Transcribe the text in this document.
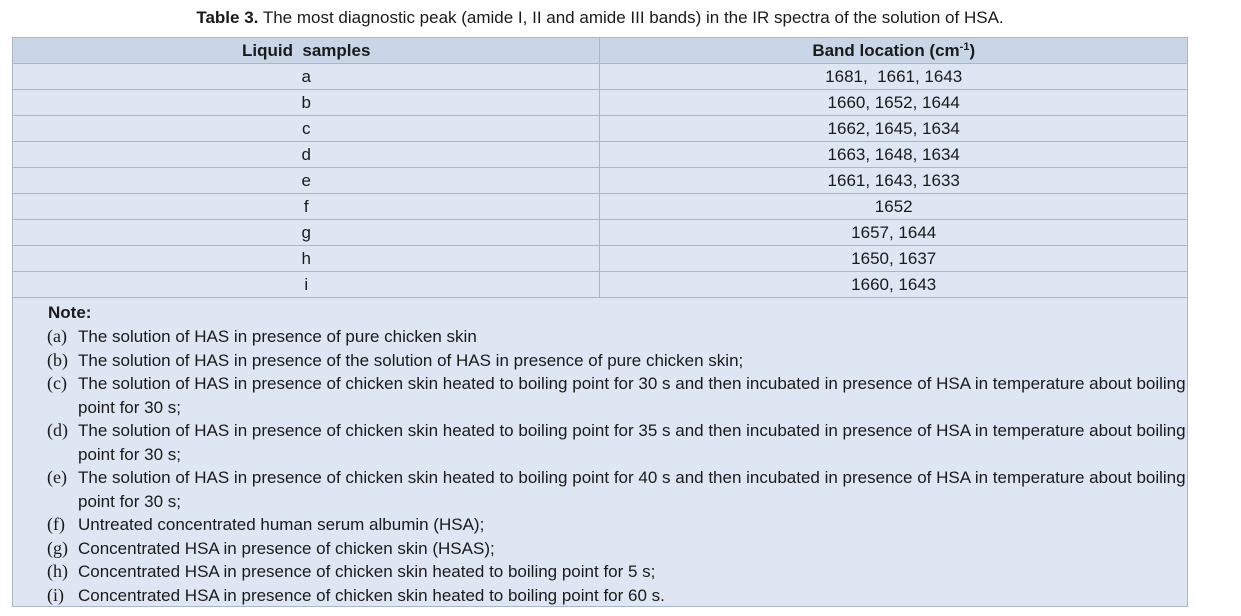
Table 3. The most diagnostic peak (amide I, II and amide III bands) in the IR spectra of the solution of HSA.
Liquid  samples	Band location $(cm^{-1})$
a	1681,  1661, 1643
b	1660, 1652, 1644
c	1662, 1645, 1634
d	1663, 1648, 1634
e	1661, 1643, 1633
f	1652
g	1657, 1644
h	1650, 1637
i	1660, 1643
Note:
(a) The solution of HAS in presence of pure chicken skin
(b) The solution of HAS in presence of the solution of HAS in presence of pure chicken skin;
(c) The solution of HAS in presence of chicken skin heated to boiling point for 30 s and then incubated in presence of HSA in temperature about boiling point for 30 s;
(d) The solution of HAS in presence of chicken skin heated to boiling point for 35 s and then incubated in presence of HSA in temperature about boiling point for 30 s;
(e) The solution of HAS in presence of chicken skin heated to boiling point for 40 s and then incubated in presence of HSA in temperature about boiling point for 30 s;
(f) Untreated concentrated human serum albumin (HSA);
(g) Concentrated HSA in presence of chicken skin (HSAS);
(h) Concentrated HSA in presence of chicken skin heated to boiling point for 5 s;
(i) Concentrated HSA in presence of chicken skin heated to boiling point for 60 s.
